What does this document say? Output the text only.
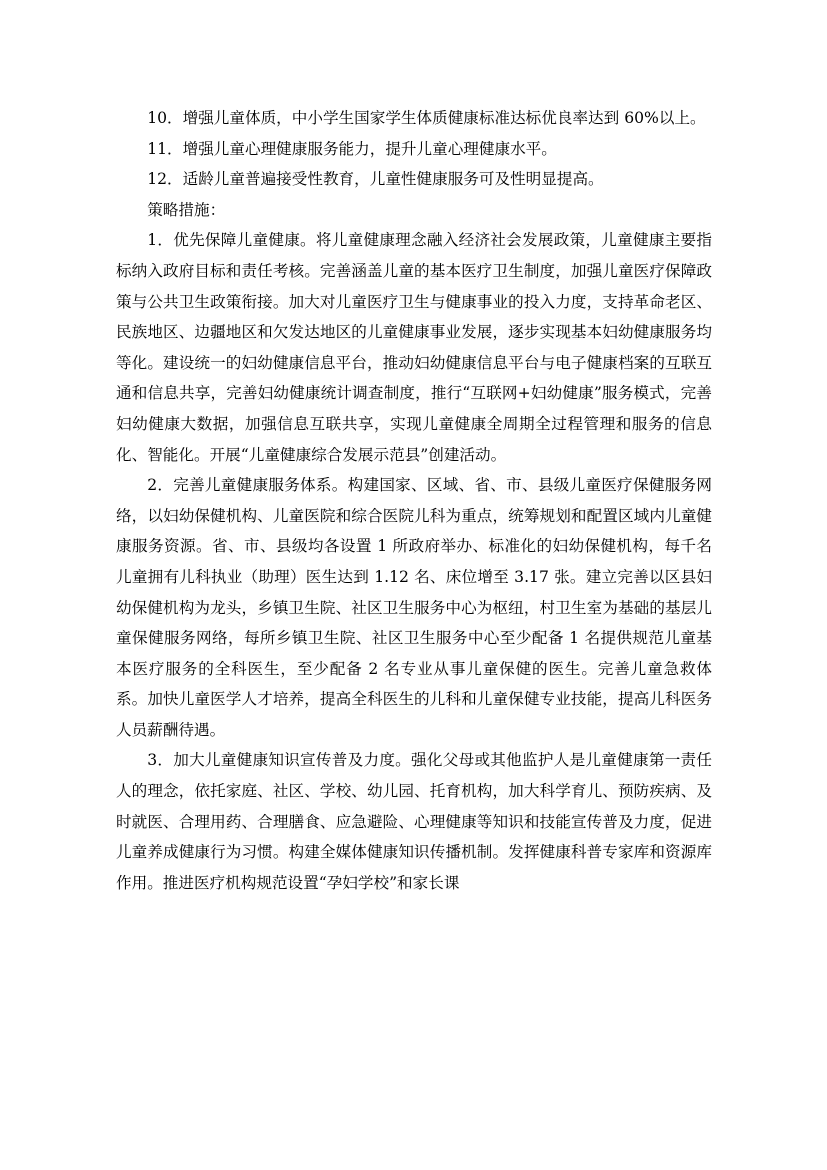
10．增强儿童体质，中小学生国家学生体质健康标准达标优良率达到 60%以上。

11．增强儿童心理健康服务能力，提升儿童心理健康水平。

12．适龄儿童普遍接受性教育，儿童性健康服务可及性明显提高。

策略措施：

1．优先保障儿童健康。将儿童健康理念融入经济社会发展政策，儿童健康主要指标纳入政府目标和责任考核。完善涵盖儿童的基本医疗卫生制度，加强儿童医疗保障政策与公共卫生政策衔接。加大对儿童医疗卫生与健康事业的投入力度，支持革命老区、民族地区、边疆地区和欠发达地区的儿童健康事业发展，逐步实现基本妇幼健康服务均等化。建设统一的妇幼健康信息平台，推动妇幼健康信息平台与电子健康档案的互联互通和信息共享，完善妇幼健康统计调查制度，推行“互联网+妇幼健康”服务模式，完善妇幼健康大数据，加强信息互联共享，实现儿童健康全周期全过程管理和服务的信息化、智能化。开展“儿童健康综合发展示范县”创建活动。

2．完善儿童健康服务体系。构建国家、区域、省、市、县级儿童医疗保健服务网络，以妇幼保健机构、儿童医院和综合医院儿科为重点，统筹规划和配置区域内儿童健康服务资源。省、市、县级均各设置 1 所政府举办、标准化的妇幼保健机构，每千名儿童拥有儿科执业（助理）医生达到 1.12 名、床位增至 3.17 张。建立完善以区县妇幼保健机构为龙头，乡镇卫生院、社区卫生服务中心为枢纽，村卫生室为基础的基层儿童保健服务网络，每所乡镇卫生院、社区卫生服务中心至少配备 1 名提供规范儿童基本医疗服务的全科医生，至少配备 2 名专业从事儿童保健的医生。完善儿童急救体系。加快儿童医学人才培养，提高全科医生的儿科和儿童保健专业技能，提高儿科医务人员薪酬待遇。

3．加大儿童健康知识宣传普及力度。强化父母或其他监护人是儿童健康第一责任人的理念，依托家庭、社区、学校、幼儿园、托育机构，加大科学育儿、预防疾病、及时就医、合理用药、合理膳食、应急避险、心理健康等知识和技能宣传普及力度，促进儿童养成健康行为习惯。构建全媒体健康知识传播机制。发挥健康科普专家库和资源库作用。推进医疗机构规范设置“孕妇学校”和家长课
